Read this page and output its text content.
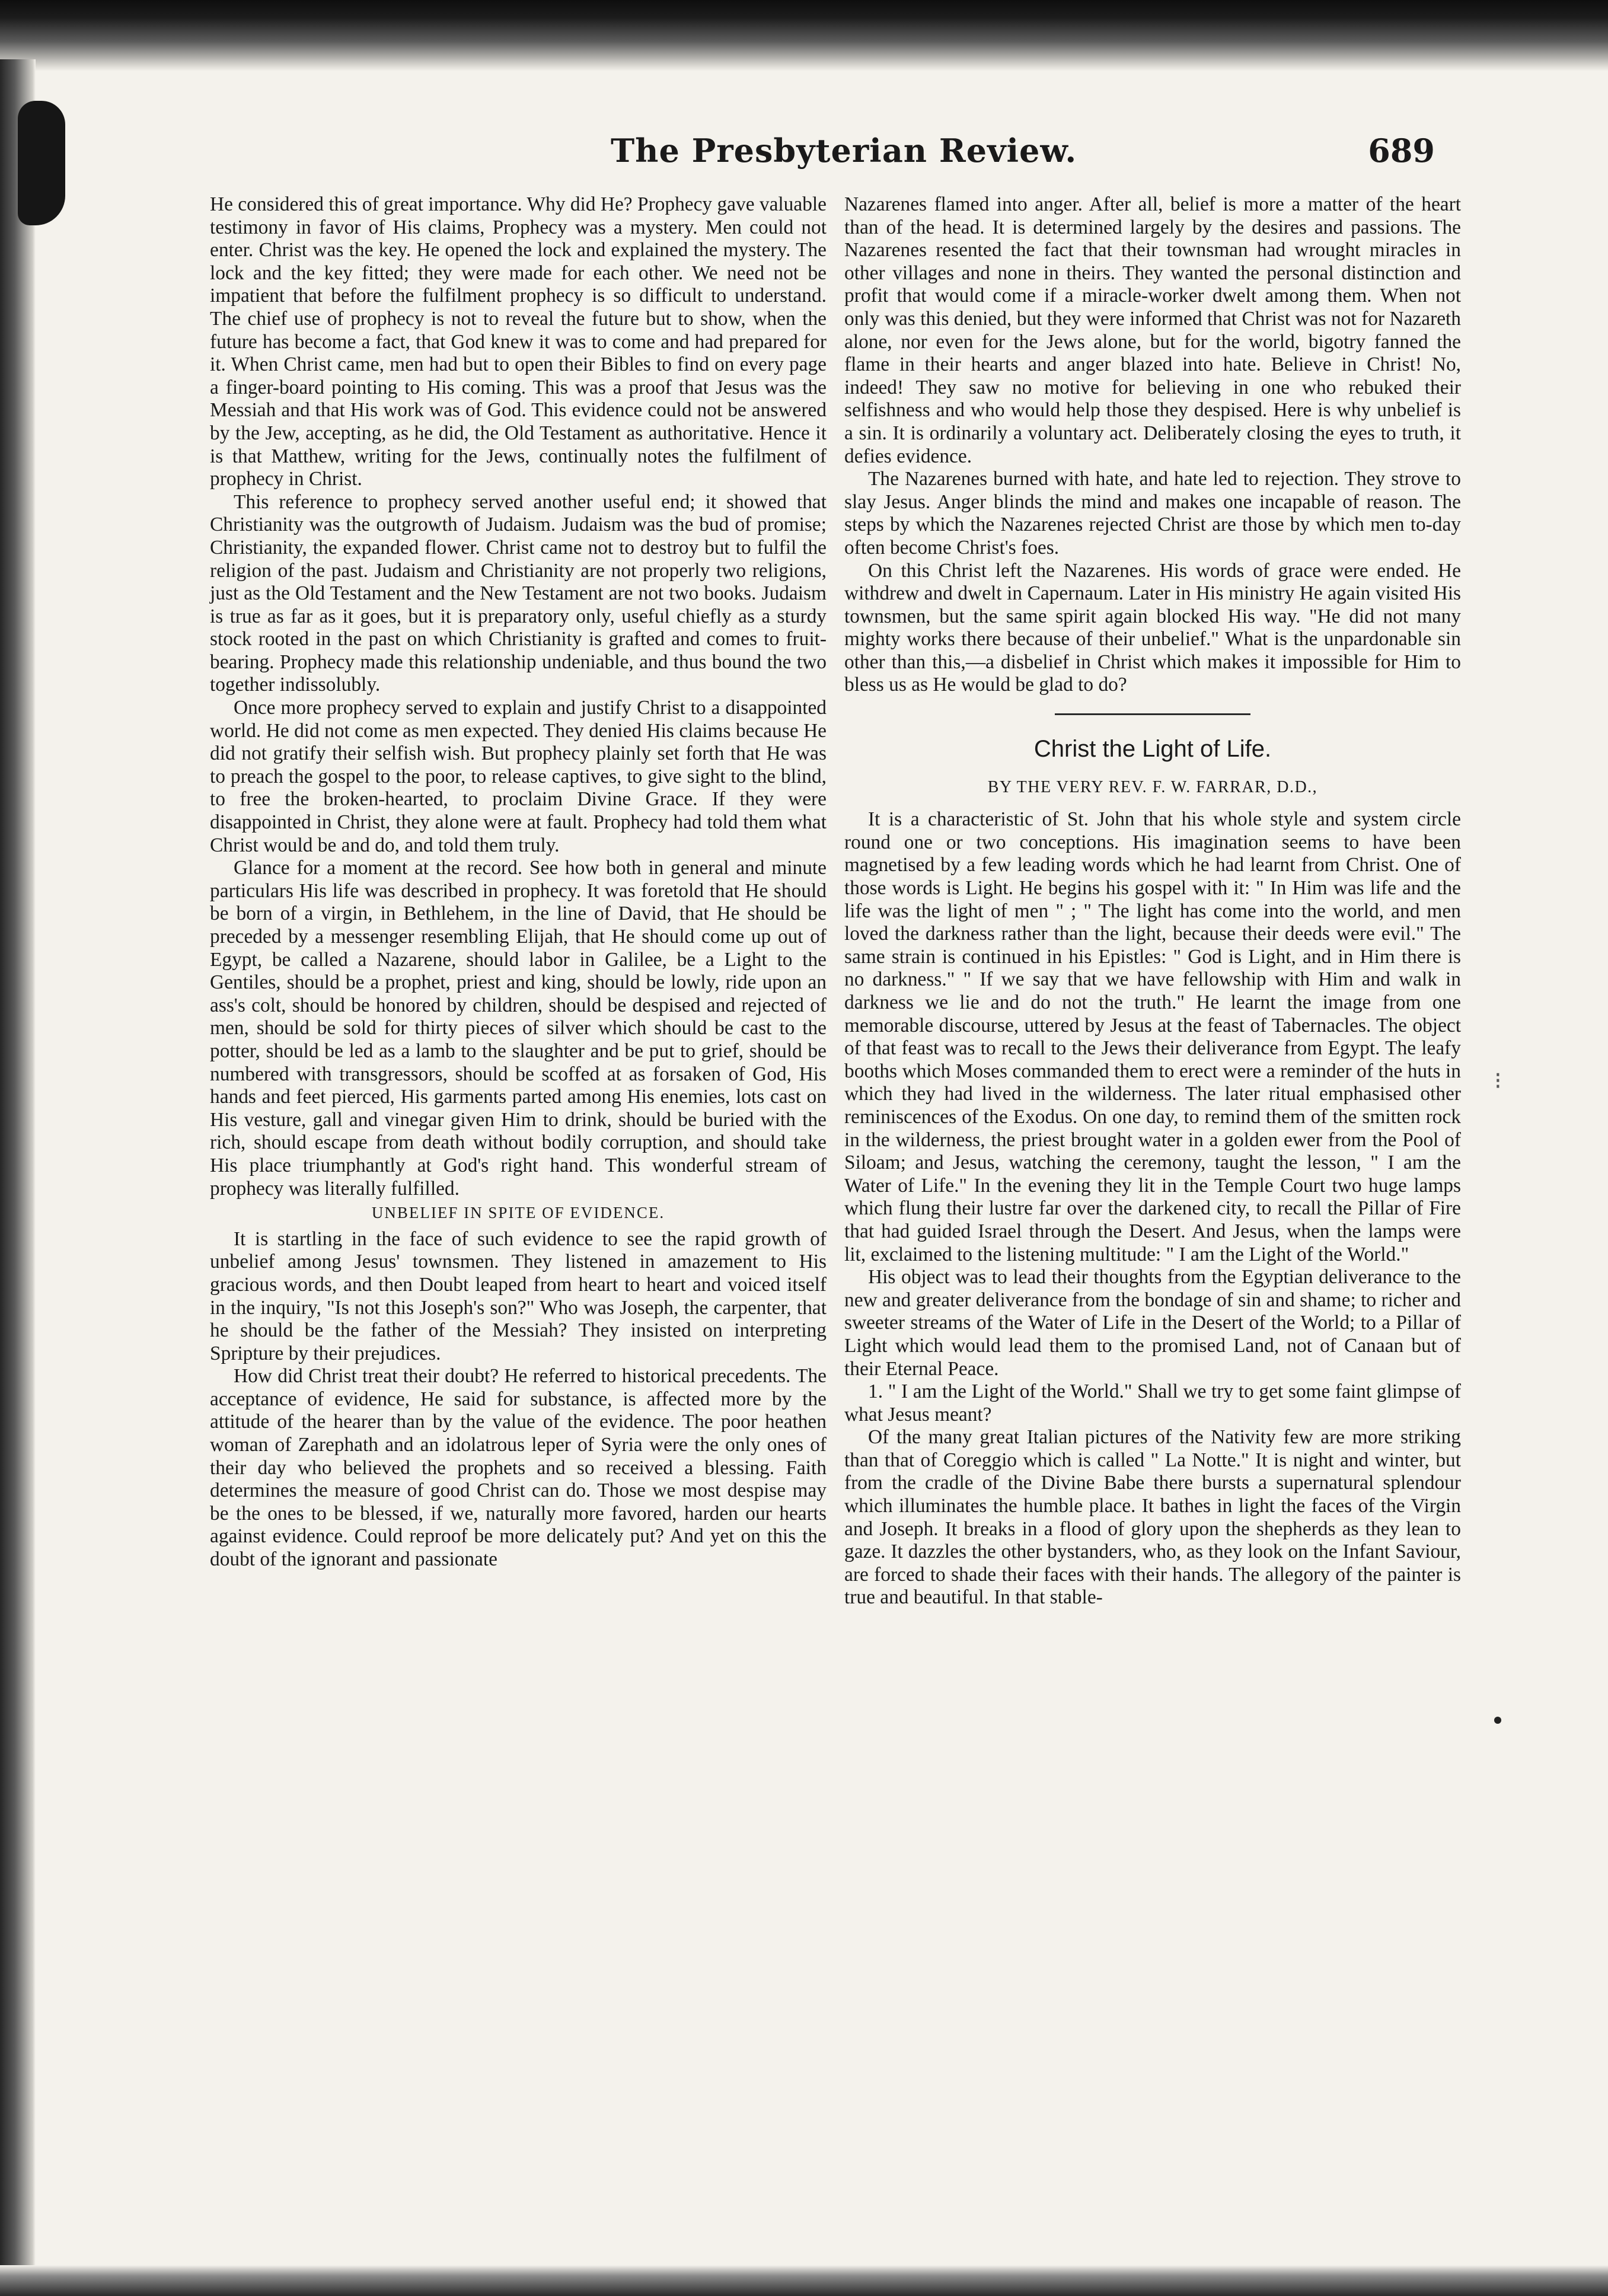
⁝
The Presbyterian Review.	689

He considered this of great importance. Why did He? Prophecy gave valuable testimony in favor of His claims, Prophecy was a mystery. Men could not enter. Christ was the key. He opened the lock and explained the mystery. The lock and the key fitted; they were made for each other. We need not be impatient that before the fulfilment prophecy is so difficult to understand. The chief use of prophecy is not to reveal the future but to show, when the future has become a fact, that God knew it was to come and had prepared for it. When Christ came, men had but to open their Bibles to find on every page a finger-board pointing to His coming. This was a proof that Jesus was the Messiah and that His work was of God. This evidence could not be answered by the Jew, accepting, as he did, the Old Testament as authoritative. Hence it is that Matthew, writing for the Jews, continually notes the fulfilment of prophecy in Christ.

This reference to prophecy served another useful end; it showed that Christianity was the outgrowth of Judaism. Judaism was the bud of promise; Christianity, the expanded flower. Christ came not to destroy but to fulfil the religion of the past. Judaism and Christianity are not properly two religions, just as the Old Testament and the New Testament are not two books. Judaism is true as far as it goes, but it is preparatory only, useful chiefly as a sturdy stock rooted in the past on which Christianity is grafted and comes to fruit-bearing. Prophecy made this relationship undeniable, and thus bound the two together indissolubly.

Once more prophecy served to explain and justify Christ to a disappointed world. He did not come as men expected. They denied His claims because He did not gratify their selfish wish. But prophecy plainly set forth that He was to preach the gospel to the poor, to release captives, to give sight to the blind, to free the broken-hearted, to proclaim Divine Grace. If they were disappointed in Christ, they alone were at fault. Prophecy had told them what Christ would be and do, and told them truly.

Glance for a moment at the record. See how both in general and minute particulars His life was described in prophecy. It was foretold that He should be born of a virgin, in Bethlehem, in the line of David, that He should be preceded by a messenger resembling Elijah, that He should come up out of Egypt, be called a Nazarene, should labor in Galilee, be a Light to the Gentiles, should be a prophet, priest and king, should be lowly, ride upon an ass's colt, should be honored by children, should be despised and rejected of men, should be sold for thirty pieces of silver which should be cast to the potter, should be led as a lamb to the slaughter and be put to grief, should be numbered with transgressors, should be scoffed at as forsaken of God, His hands and feet pierced, His garments parted among His enemies, lots cast on His vesture, gall and vinegar given Him to drink, should be buried with the rich, should escape from death without bodily corruption, and should take His place triumphantly at God's right hand. This wonderful stream of prophecy was literally fulfilled.

UNBELIEF IN SPITE OF EVIDENCE.

It is startling in the face of such evidence to see the rapid growth of unbelief among Jesus' townsmen. They listened in amazement to His gracious words, and then Doubt leaped from heart to heart and voiced itself in the inquiry, "Is not this Joseph's son?" Who was Joseph, the carpenter, that he should be the father of the Messiah? They insisted on interpreting Spripture by their prejudices.

How did Christ treat their doubt? He referred to historical precedents. The acceptance of evidence, He said for substance, is affected more by the attitude of the hearer than by the value of the evidence. The poor heathen woman of Zarephath and an idolatrous leper of Syria were the only ones of their day who believed the prophets and so received a blessing. Faith determines the measure of good Christ can do. Those we most despise may be the ones to be blessed, if we, naturally more favored, harden our hearts against evidence. Could reproof be more delicately put? And yet on this the doubt of the ignorant and passionate

Nazarenes flamed into anger. After all, belief is more a matter of the heart than of the head. It is determined largely by the desires and passions. The Nazarenes resented the fact that their townsman had wrought miracles in other villages and none in theirs. They wanted the personal distinction and profit that would come if a miracle-worker dwelt among them. When not only was this denied, but they were informed that Christ was not for Nazareth alone, nor even for the Jews alone, but for the world, bigotry fanned the flame in their hearts and anger blazed into hate. Believe in Christ! No, indeed! They saw no motive for believing in one who rebuked their selfishness and who would help those they despised. Here is why unbelief is a sin. It is ordinarily a voluntary act. Deliberately closing the eyes to truth, it defies evidence.

The Nazarenes burned with hate, and hate led to rejection. They strove to slay Jesus. Anger blinds the mind and makes one incapable of reason. The steps by which the Nazarenes rejected Christ are those by which men to-day often become Christ's foes.

On this Christ left the Nazarenes. His words of grace were ended. He withdrew and dwelt in Capernaum. Later in His ministry He again visited His townsmen, but the same spirit again blocked His way. "He did not many mighty works there because of their unbelief." What is the unpardonable sin other than this,—a disbelief in Christ which makes it impossible for Him to bless us as He would be glad to do?

Christ the Light of Life.
BY THE VERY REV. F. W. FARRAR, D.D.,

It is a characteristic of St. John that his whole style and system circle round one or two conceptions. His imagination seems to have been magnetised by a few leading words which he had learnt from Christ. One of those words is Light. He begins his gospel with it: " In Him was life and the life was the light of men " ; " The light has come into the world, and men loved the darkness rather than the light, because their deeds were evil." The same strain is continued in his Epistles: " God is Light, and in Him there is no darkness." " If we say that we have fellowship with Him and walk in darkness we lie and do not the truth." He learnt the image from one memorable discourse, uttered by Jesus at the feast of Tabernacles. The object of that feast was to recall to the Jews their deliverance from Egypt. The leafy booths which Moses commanded them to erect were a reminder of the huts in which they had lived in the wilderness. The later ritual emphasised other reminiscences of the Exodus. On one day, to remind them of the smitten rock in the wilderness, the priest brought water in a golden ewer from the Pool of Siloam; and Jesus, watching the ceremony, taught the lesson, " I am the Water of Life." In the evening they lit in the Temple Court two huge lamps which flung their lustre far over the darkened city, to recall the Pillar of Fire that had guided Israel through the Desert. And Jesus, when the lamps were lit, exclaimed to the listening multitude: " I am the Light of the World."

His object was to lead their thoughts from the Egyptian deliverance to the new and greater deliverance from the bondage of sin and shame; to richer and sweeter streams of the Water of Life in the Desert of the World; to a Pillar of Light which would lead them to the promised Land, not of Canaan but of their Eternal Peace.

1. " I am the Light of the World." Shall we try to get some faint glimpse of what Jesus meant?

Of the many great Italian pictures of the Nativity few are more striking than that of Coreggio which is called " La Notte." It is night and winter, but from the cradle of the Divine Babe there bursts a supernatural splendour which illuminates the humble place. It bathes in light the faces of the Virgin and Joseph. It breaks in a flood of glory upon the shepherds as they lean to gaze. It dazzles the other bystanders, who, as they look on the Infant Saviour, are forced to shade their faces with their hands. The allegory of the painter is true and beautiful. In that stable-
